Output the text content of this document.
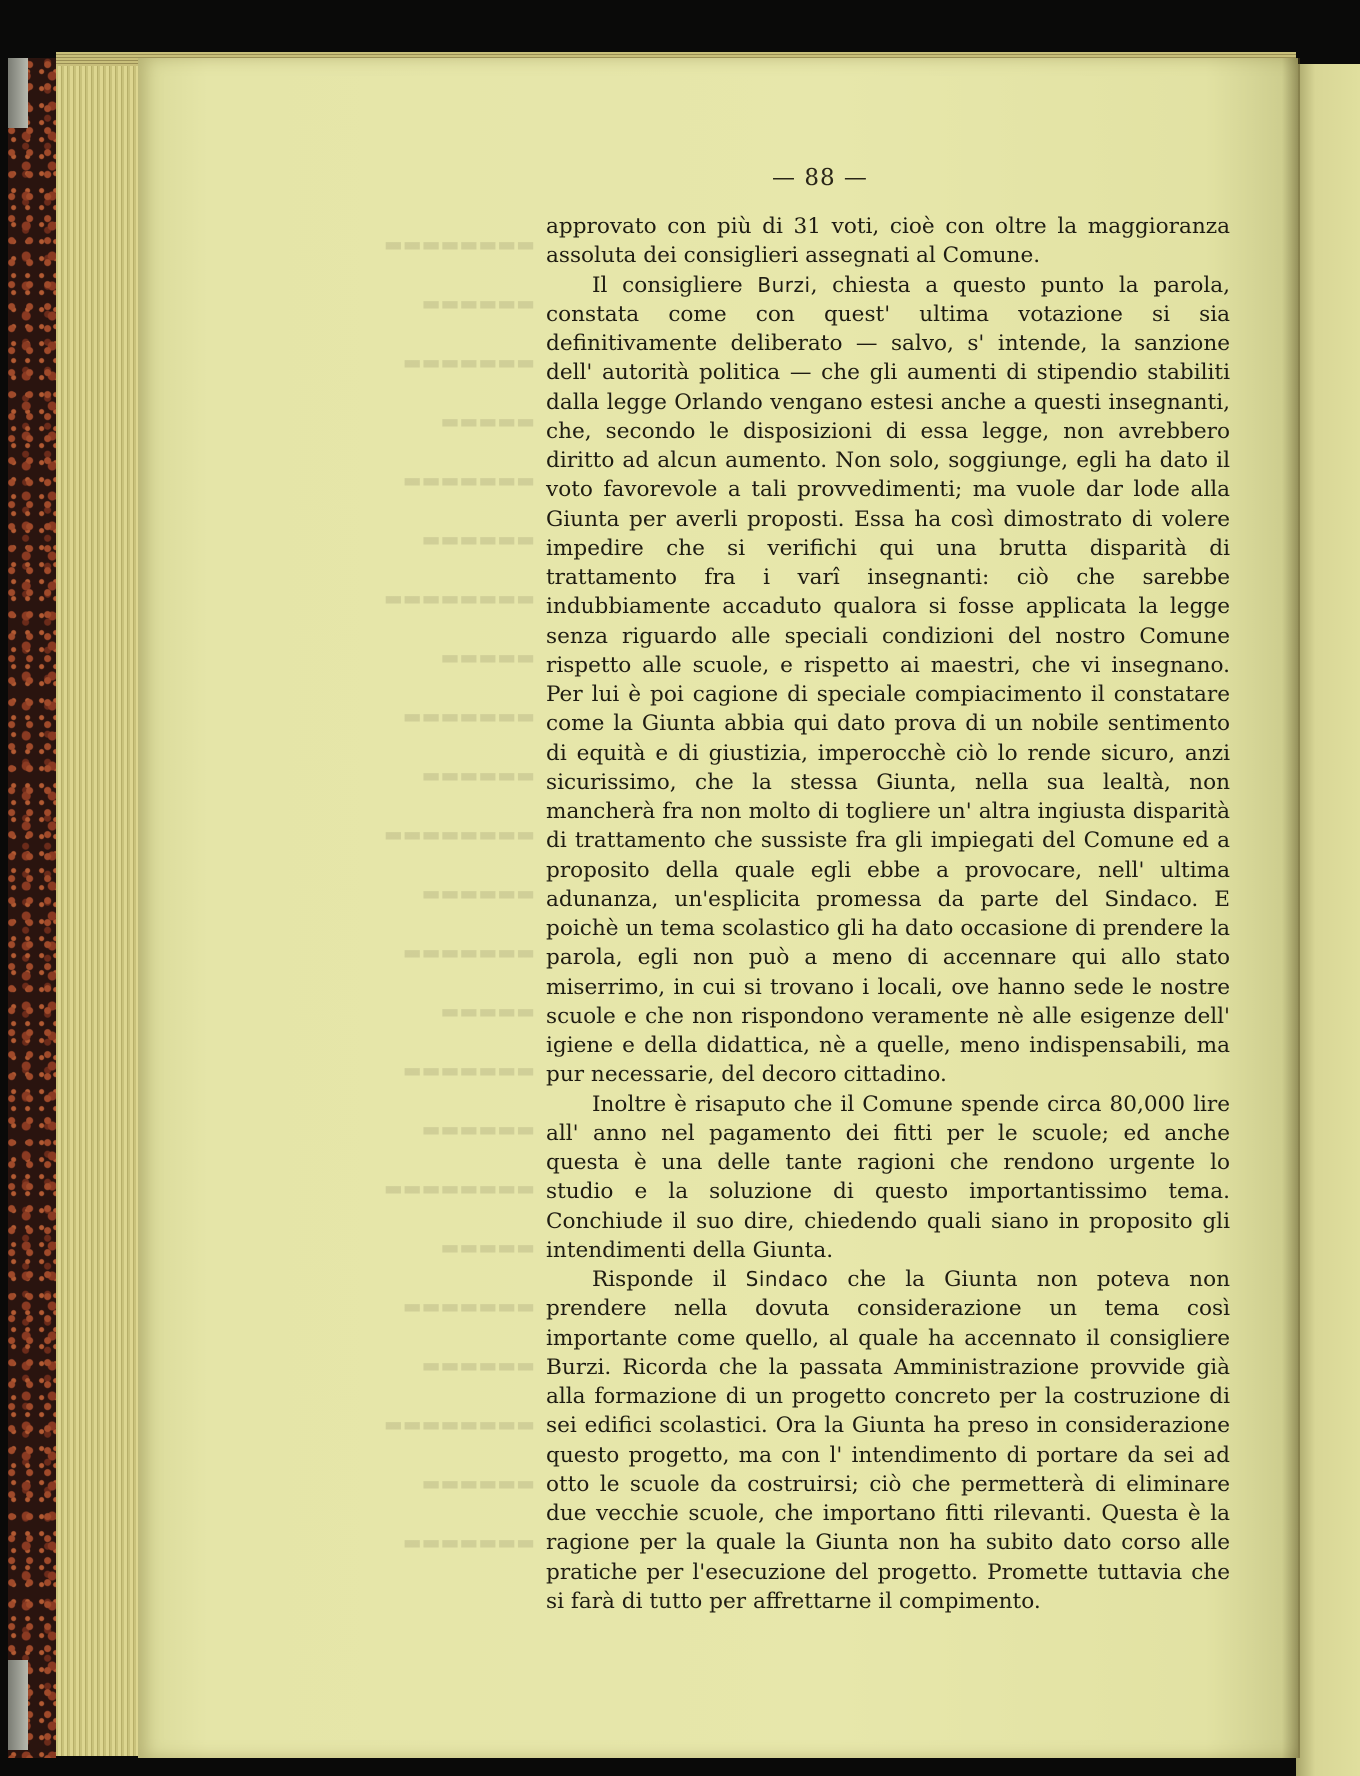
▬▬▬▬▬▬▬▬
▬▬▬▬▬▬
▬▬▬▬▬▬▬
▬▬▬▬▬
▬▬▬▬▬▬▬
▬▬▬▬▬▬
▬▬▬▬▬▬▬▬
▬▬▬▬▬
▬▬▬▬▬▬▬
▬▬▬▬▬▬
▬▬▬▬▬▬▬▬
▬▬▬▬▬▬
▬▬▬▬▬▬▬
▬▬▬▬▬
▬▬▬▬▬▬▬
▬▬▬▬▬▬
▬▬▬▬▬▬▬▬
▬▬▬▬▬
▬▬▬▬▬▬▬
▬▬▬▬▬▬
▬▬▬▬▬▬▬▬
▬▬▬▬▬▬
▬▬▬▬▬▬▬
— 88 —

approvato con più di 31 voti, cioè con oltre la maggioranza assoluta dei consiglieri assegnati al Comune.

Il consigliere Burzi, chiesta a questo punto la parola, constata come con quest' ultima votazione si sia definitivamente deliberato — salvo, s' intende, la sanzione dell' autorità politica — che gli aumenti di stipendio stabiliti dalla legge Orlando vengano estesi anche a questi insegnanti, che, secondo le disposizioni di essa legge, non avrebbero diritto ad alcun aumento. Non solo, soggiunge, egli ha dato il voto favorevole a tali provvedimenti; ma vuole dar lode alla Giunta per averli proposti. Essa ha così dimostrato di volere impedire che si verifichi qui una brutta disparità di trattamento fra i varî insegnanti: ciò che sarebbe indubbiamente accaduto qualora si fosse applicata la legge senza riguardo alle speciali condizioni del nostro Comune rispetto alle scuole, e rispetto ai maestri, che vi insegnano. Per lui è poi cagione di speciale compiacimento il constatare come la Giunta abbia qui dato prova di un nobile sentimento di equità e di giustizia, imperocchè ciò lo rende sicuro, anzi sicurissimo, che la stessa Giunta, nella sua lealtà, non mancherà fra non molto di togliere un' altra ingiusta disparità di trattamento che sussiste fra gli impiegati del Comune ed a proposito della quale egli ebbe a provocare, nell' ultima adunanza, un'esplicita promessa da parte del Sindaco. E poichè un tema scolastico gli ha dato occasione di prendere la parola, egli non può a meno di accennare qui allo stato miserrimo, in cui si trovano i locali, ove hanno sede le nostre scuole e che non rispondono veramente nè alle esigenze dell' igiene e della didattica, nè a quelle, meno indispensabili, ma pur necessarie, del decoro cittadino.

Inoltre è risaputo che il Comune spende circa 80,000 lire all' anno nel pagamento dei fitti per le scuole; ed anche questa è una delle tante ragioni che rendono urgente lo studio e la soluzione di questo importantissimo tema. Conchiude il suo dire, chiedendo quali siano in proposito gli intendimenti della Giunta.

Risponde il Sindaco che la Giunta non poteva non prendere nella dovuta considerazione un tema così importante come quello, al quale ha accennato il consigliere Burzi. Ricorda che la passata Amministrazione provvide già alla formazione di un progetto concreto per la costruzione di sei edifici scolastici. Ora la Giunta ha preso in considerazione questo progetto, ma con l' intendimento di portare da sei ad otto le scuole da costruirsi; ciò che permetterà di eliminare due vecchie scuole, che importano fitti rilevanti. Questa è la ragione per la quale la Giunta non ha subito dato corso alle pratiche per l'esecuzione del progetto. Promette tuttavia che si farà di tutto per affrettarne il compimento.
